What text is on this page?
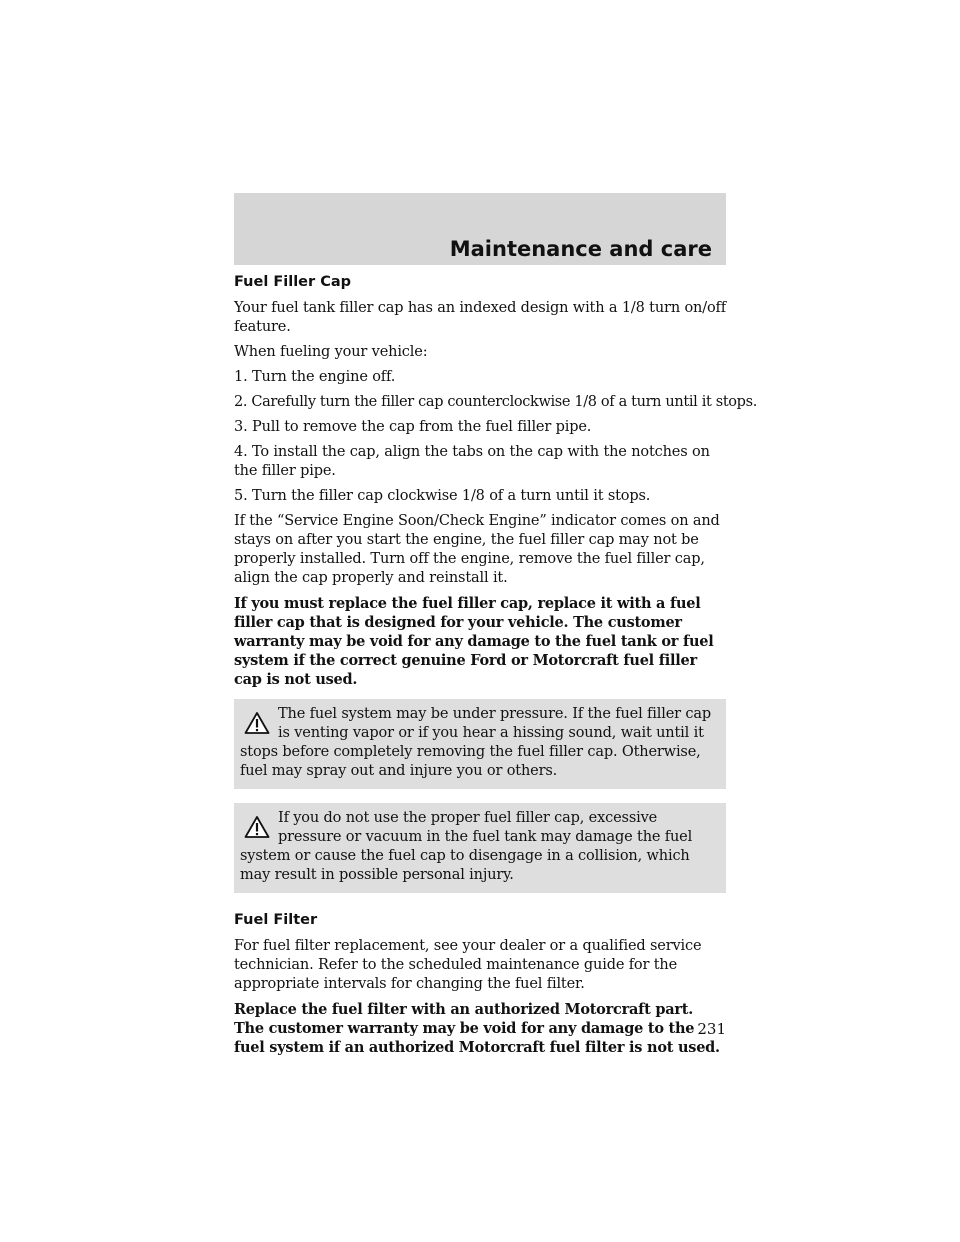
Maintenance and care
Fuel Filler Cap

Your fuel tank filler cap has an indexed design with a 1/8 turn on/off feature.

When fueling your vehicle:

1. Turn the engine off.

2. Carefully turn the filler cap counterclockwise 1/8 of a turn until it stops.

3. Pull to remove the cap from the fuel filler pipe.

4. To install the cap, align the tabs on the cap with the notches on the filler pipe.

5. Turn the filler cap clockwise 1/8 of a turn until it stops.

If the “Service Engine Soon/Check Engine” indicator comes on and stays on after you start the engine, the fuel filler cap may not be properly installed. Turn off the engine, remove the fuel filler cap, align the cap properly and reinstall it.

If you must replace the fuel filler cap, replace it with a fuel filler cap that is designed for your vehicle. The customer warranty may be void for any damage to the fuel tank or fuel system if the correct genuine Ford or Motorcraft fuel filler cap is not used.

The fuel system may be under pressure. If the fuel filler cap is venting vapor or if you hear a hissing sound, wait until it stops before completely removing the fuel filler cap. Otherwise, fuel may spray out and injure you or others.
If you do not use the proper fuel filler cap, excessive pressure or vacuum in the fuel tank may damage the fuel system or cause the fuel cap to disengage in a collision, which may result in possible personal injury.
Fuel Filter

For fuel filter replacement, see your dealer or a qualified service technician. Refer to the scheduled maintenance guide for the appropriate intervals for changing the fuel filter.

Replace the fuel filter with an authorized Motorcraft part. The customer warranty may be void for any damage to the fuel system if an authorized Motorcraft fuel filter is not used.

231
